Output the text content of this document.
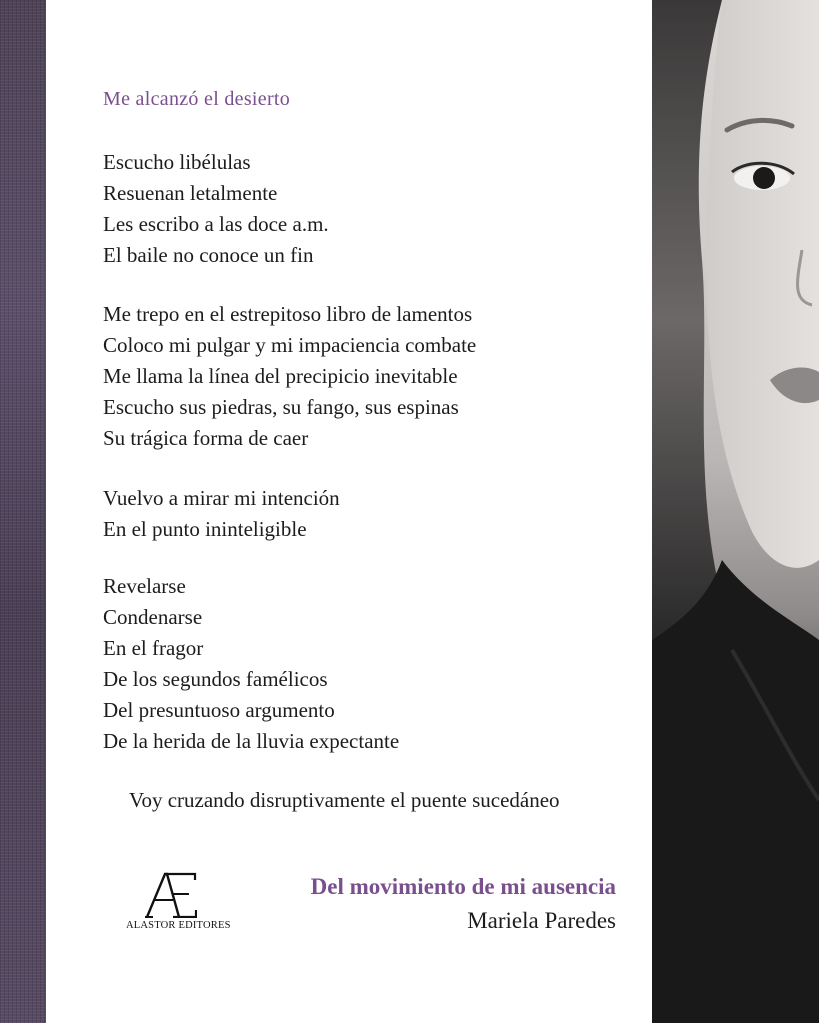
Me alcanzó el desierto
Escucho libélulas
Resuenan letalmente
Les escribo a las doce a.m.
El baile no conoce un fin
Me trepo en el estrepitoso libro de lamentos
Coloco mi pulgar y mi impaciencia combate
Me llama la línea del precipicio inevitable
Escucho sus piedras, su fango, sus espinas
Su trágica forma de caer
Vuelvo a mirar mi intención
En el punto ininteligible
Revelarse
Condenarse
En el fragor
De los segundos famélicos
Del presuntuoso argumento
De la herida de la lluvia expectante
Voy cruzando disruptivamente el puente sucedáneo
ALASTOR EDITORES
Del movimiento de mi ausencia
Mariela Paredes
